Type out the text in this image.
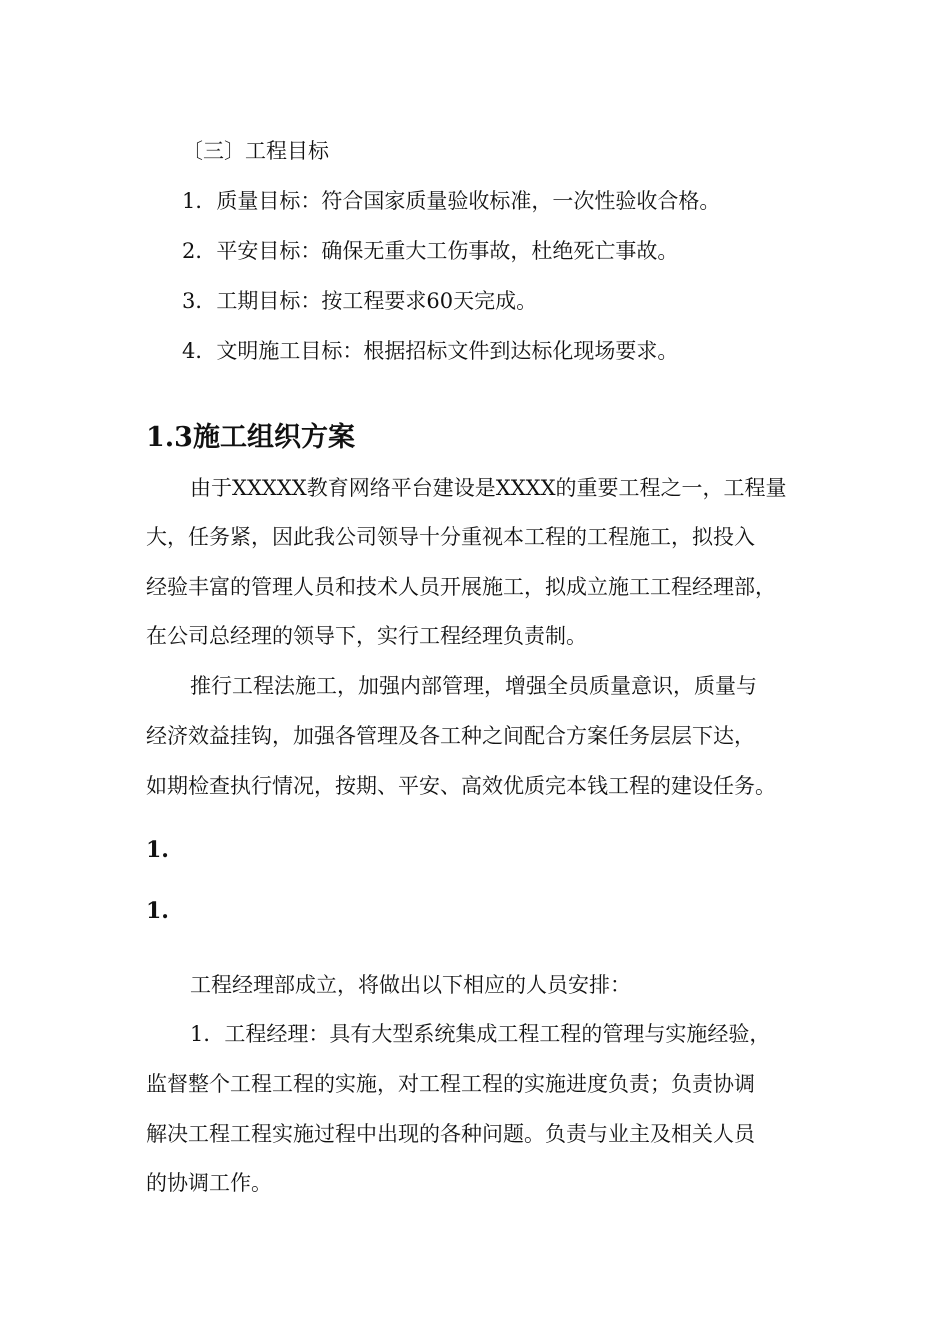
〔三〕工程目标
1．质量目标：符合国家质量验收标准，一次性验收合格。
2．平安目标：确保无重大工伤事故，杜绝死亡事故。
3．工期目标：按工程要求60天完成。
4．文明施工目标：根据招标文件到达标化现场要求。
1.3施工组织方案
由于XXXXX教育网络平台建设是XXXX的重要工程之一，工程量
大，任务紧，因此我公司领导十分重视本工程的工程施工，拟投入
经验丰富的管理人员和技术人员开展施工，拟成立施工工程经理部，
在公司总经理的领导下，实行工程经理负责制。
推行工程法施工，加强内部管理，增强全员质量意识，质量与
经济效益挂钩，加强各管理及各工种之间配合方案任务层层下达，
如期检查执行情况，按期、平安、高效优质完本钱工程的建设任务。
1.
1.
工程经理部成立，将做出以下相应的人员安排：
1．工程经理：具有大型系统集成工程工程的管理与实施经验，
监督整个工程工程的实施，对工程工程的实施进度负责；负责协调
解决工程工程实施过程中出现的各种问题。负责与业主及相关人员
的协调工作。
